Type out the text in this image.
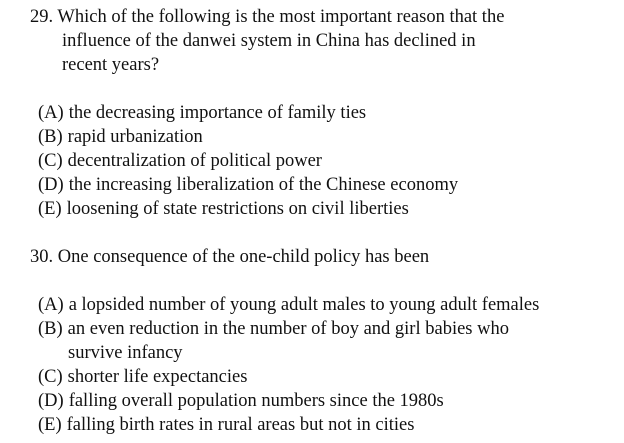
29. Which of the following is the most important reason that the
influence of the danwei system in China has declined in
recent years?
(A) the decreasing importance of family ties
(B) rapid urbanization
(C) decentralization of political power
(D) the increasing liberalization of the Chinese economy
(E) loosening of state restrictions on civil liberties
30. One consequence of the one-child policy has been
(A) a lopsided number of young adult males to young adult females
(B) an even reduction in the number of boy and girl babies who
survive infancy
(C) shorter life expectancies
(D) falling overall population numbers since the 1980s
(E) falling birth rates in rural areas but not in cities
